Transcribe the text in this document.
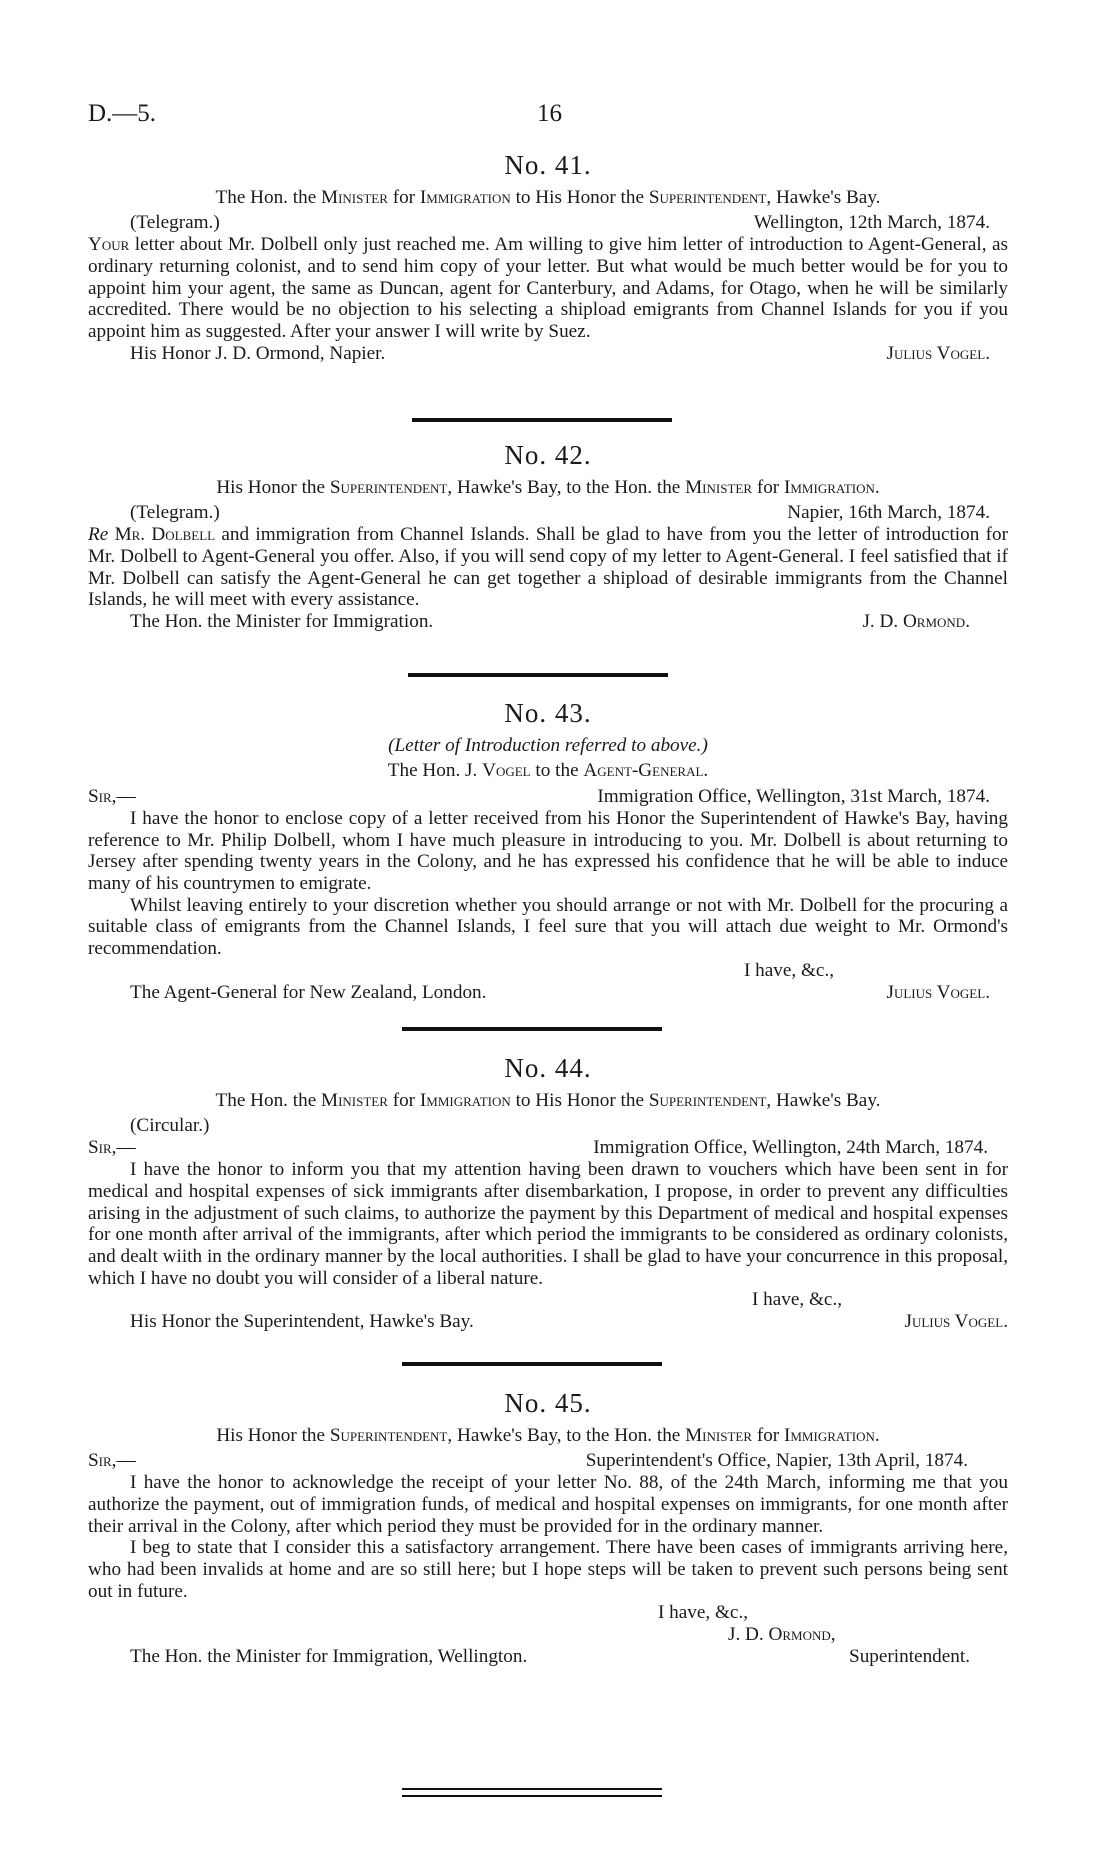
D.—5.	16
No. 41.
The Hon. the Minister for Immigration to His Honor the Superintendent, Hawke's Bay.
(Telegram.)	Wellington, 12th March, 1874.

Your letter about Mr. Dolbell only just reached me. Am willing to give him letter of introduction to Agent-General, as ordinary returning colonist, and to send him copy of your letter. But what would be much better would be for you to appoint him your agent, the same as Duncan, agent for Canterbury, and Adams, for Otago, when he will be similarly accredited. There would be no objection to his selecting a shipload emigrants from Channel Islands for you if you appoint him as suggested. After your answer I will write by Suez.

His Honor J. D. Ormond, Napier.	Julius Vogel.
No. 42.
His Honor the Superintendent, Hawke's Bay, to the Hon. the Minister for Immigration.
(Telegram.)	Napier, 16th March, 1874.

Re Mr. Dolbell and immigration from Channel Islands. Shall be glad to have from you the letter of introduction for Mr. Dolbell to Agent-General you offer. Also, if you will send copy of my letter to Agent-General. I feel satisfied that if Mr. Dolbell can satisfy the Agent-General he can get together a shipload of desirable immigrants from the Channel Islands, he will meet with every assistance.

The Hon. the Minister for Immigration.	J. D. Ormond.
No. 43.
(Letter of Introduction referred to above.)
The Hon. J. Vogel to the Agent-General.
Sir,—	Immigration Office, Wellington, 31st March, 1874.

I have the honor to enclose copy of a letter received from his Honor the Superintendent of Hawke's Bay, having reference to Mr. Philip Dolbell, whom I have much pleasure in introducing to you. Mr. Dolbell is about returning to Jersey after spending twenty years in the Colony, and he has expressed his confidence that he will be able to induce many of his countrymen to emigrate.

Whilst leaving entirely to your discretion whether you should arrange or not with Mr. Dolbell for the procuring a suitable class of emigrants from the Channel Islands, I feel sure that you will attach due weight to Mr. Ormond's recommendation.

I have, &c.,
The Agent-General for New Zealand, London.	Julius Vogel.
No. 44.
The Hon. the Minister for Immigration to His Honor the Superintendent, Hawke's Bay.
(Circular.)
Sir,—	Immigration Office, Wellington, 24th March, 1874.

I have the honor to inform you that my attention having been drawn to vouchers which have been sent in for medical and hospital expenses of sick immigrants after disembarkation, I propose, in order to prevent any difficulties arising in the adjustment of such claims, to authorize the payment by this Department of medical and hospital expenses for one month after arrival of the immigrants, after which period the immigrants to be considered as ordinary colonists, and dealt wiith in the ordinary manner by the local authorities. I shall be glad to have your concurrence in this proposal, which I have no doubt you will consider of a liberal nature.

I have, &c.,
His Honor the Superintendent, Hawke's Bay.	Julius Vogel.
No. 45.
His Honor the Superintendent, Hawke's Bay, to the Hon. the Minister for Immigration.
Sir,—	Superintendent's Office, Napier, 13th April, 1874.

I have the honor to acknowledge the receipt of your letter No. 88, of the 24th March, informing me that you authorize the payment, out of immigration funds, of medical and hospital expenses on immigrants, for one month after their arrival in the Colony, after which period they must be provided for in the ordinary manner.

I beg to state that I consider this a satisfactory arrangement. There have been cases of immigrants arriving here, who had been invalids at home and are so still here; but I hope steps will be taken to prevent such persons being sent out in future.

I have, &c.,
J. D. Ormond,
The Hon. the Minister for Immigration, Wellington.	Superintendent.
